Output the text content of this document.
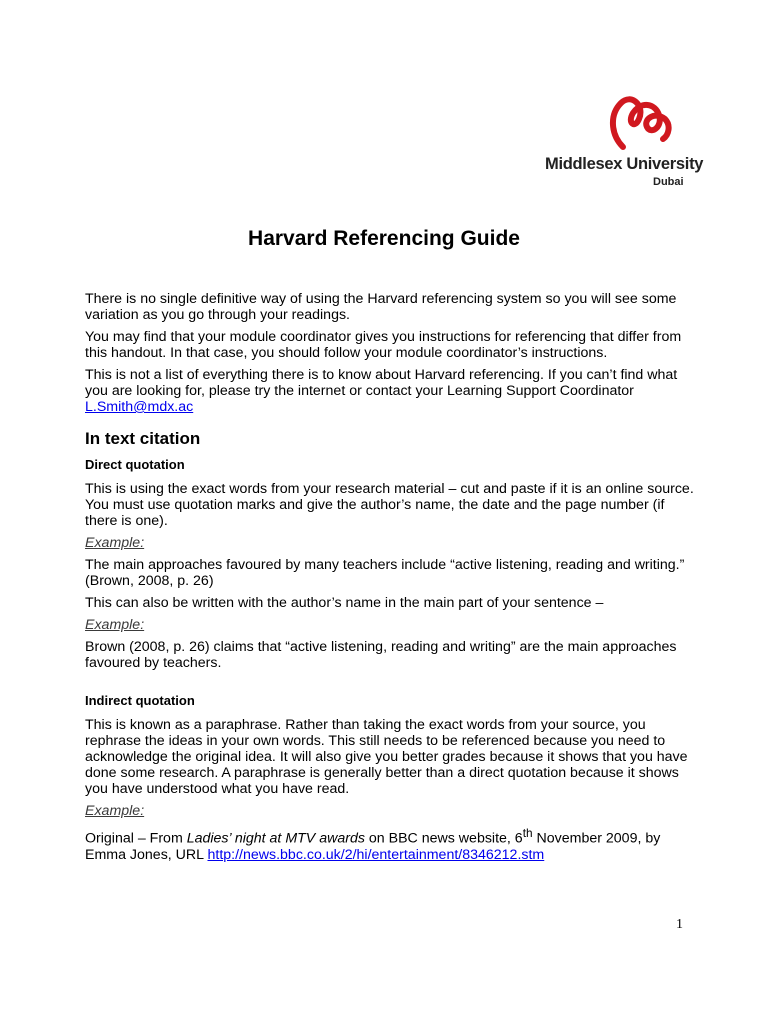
Middlesex University
Dubai
Harvard Referencing Guide

There is no single definitive way of using the Harvard referencing system so you will see some variation as you go through your readings.

You may find that your module coordinator gives you instructions for referencing that differ from this handout. In that case, you should follow your module coordinator’s instructions.

This is not a list of everything there is to know about Harvard referencing. If you can’t find what you are looking for, please try the internet or contact your Learning Support Coordinator
L.Smith@mdx.ac

In text citation
Direct quotation

This is using the exact words from your research material – cut and paste if it is an online source. You must use quotation marks and give the author’s name, the date and the page number (if there is one).

Example:

The main approaches favoured by many teachers include “active listening, reading and writing.” (Brown, 2008, p. 26)

This can also be written with the author’s name in the main part of your sentence –

Example:

Brown (2008, p. 26) claims that “active listening, reading and writing” are the main approaches favoured by teachers.

Indirect quotation

This is known as a paraphrase. Rather than taking the exact words from your source, you rephrase the ideas in your own words. This still needs to be referenced because you need to acknowledge the original idea. It will also give you better grades because it shows that you have done some research. A paraphrase is generally better than a direct quotation because it shows you have understood what you have read.

Example:

Original – From Ladies’ night at MTV awards on BBC news website, 6th November 2009, by Emma Jones, URL http://news.bbc.co.uk/2/hi/entertainment/8346212.stm

1
